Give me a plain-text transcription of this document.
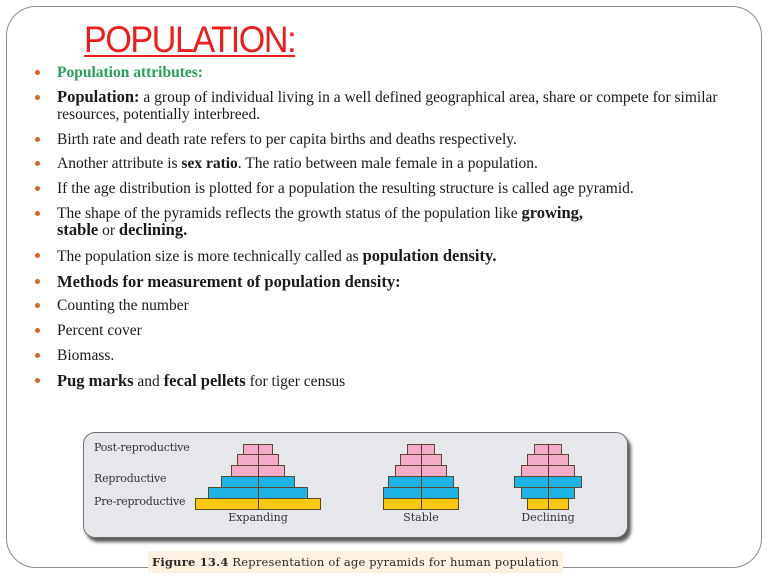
POPULATION:
Population attributes:
Population: a group of individual living in a well defined geographical area, share or compete for similar resources, potentially interbreed.
Birth rate and death rate refers to per capita births and deaths respectively.
Another attribute is sex ratio. The ratio between male female in a population.
If the age distribution is plotted for a population the resulting structure is called age pyramid.
The shape of the pyramids reflects the growth status of the population like growing,
stable or declining.
The population size is more technically called as population density.
Methods for measurement of population density:
Counting the number
Percent cover
Biomass.
Pug marks and fecal pellets for tiger census
Post-reproductive
Reproductive
Pre-reproductive
Expanding	Stable	Declining
Figure 13.4 Representation of age pyramids for human population
